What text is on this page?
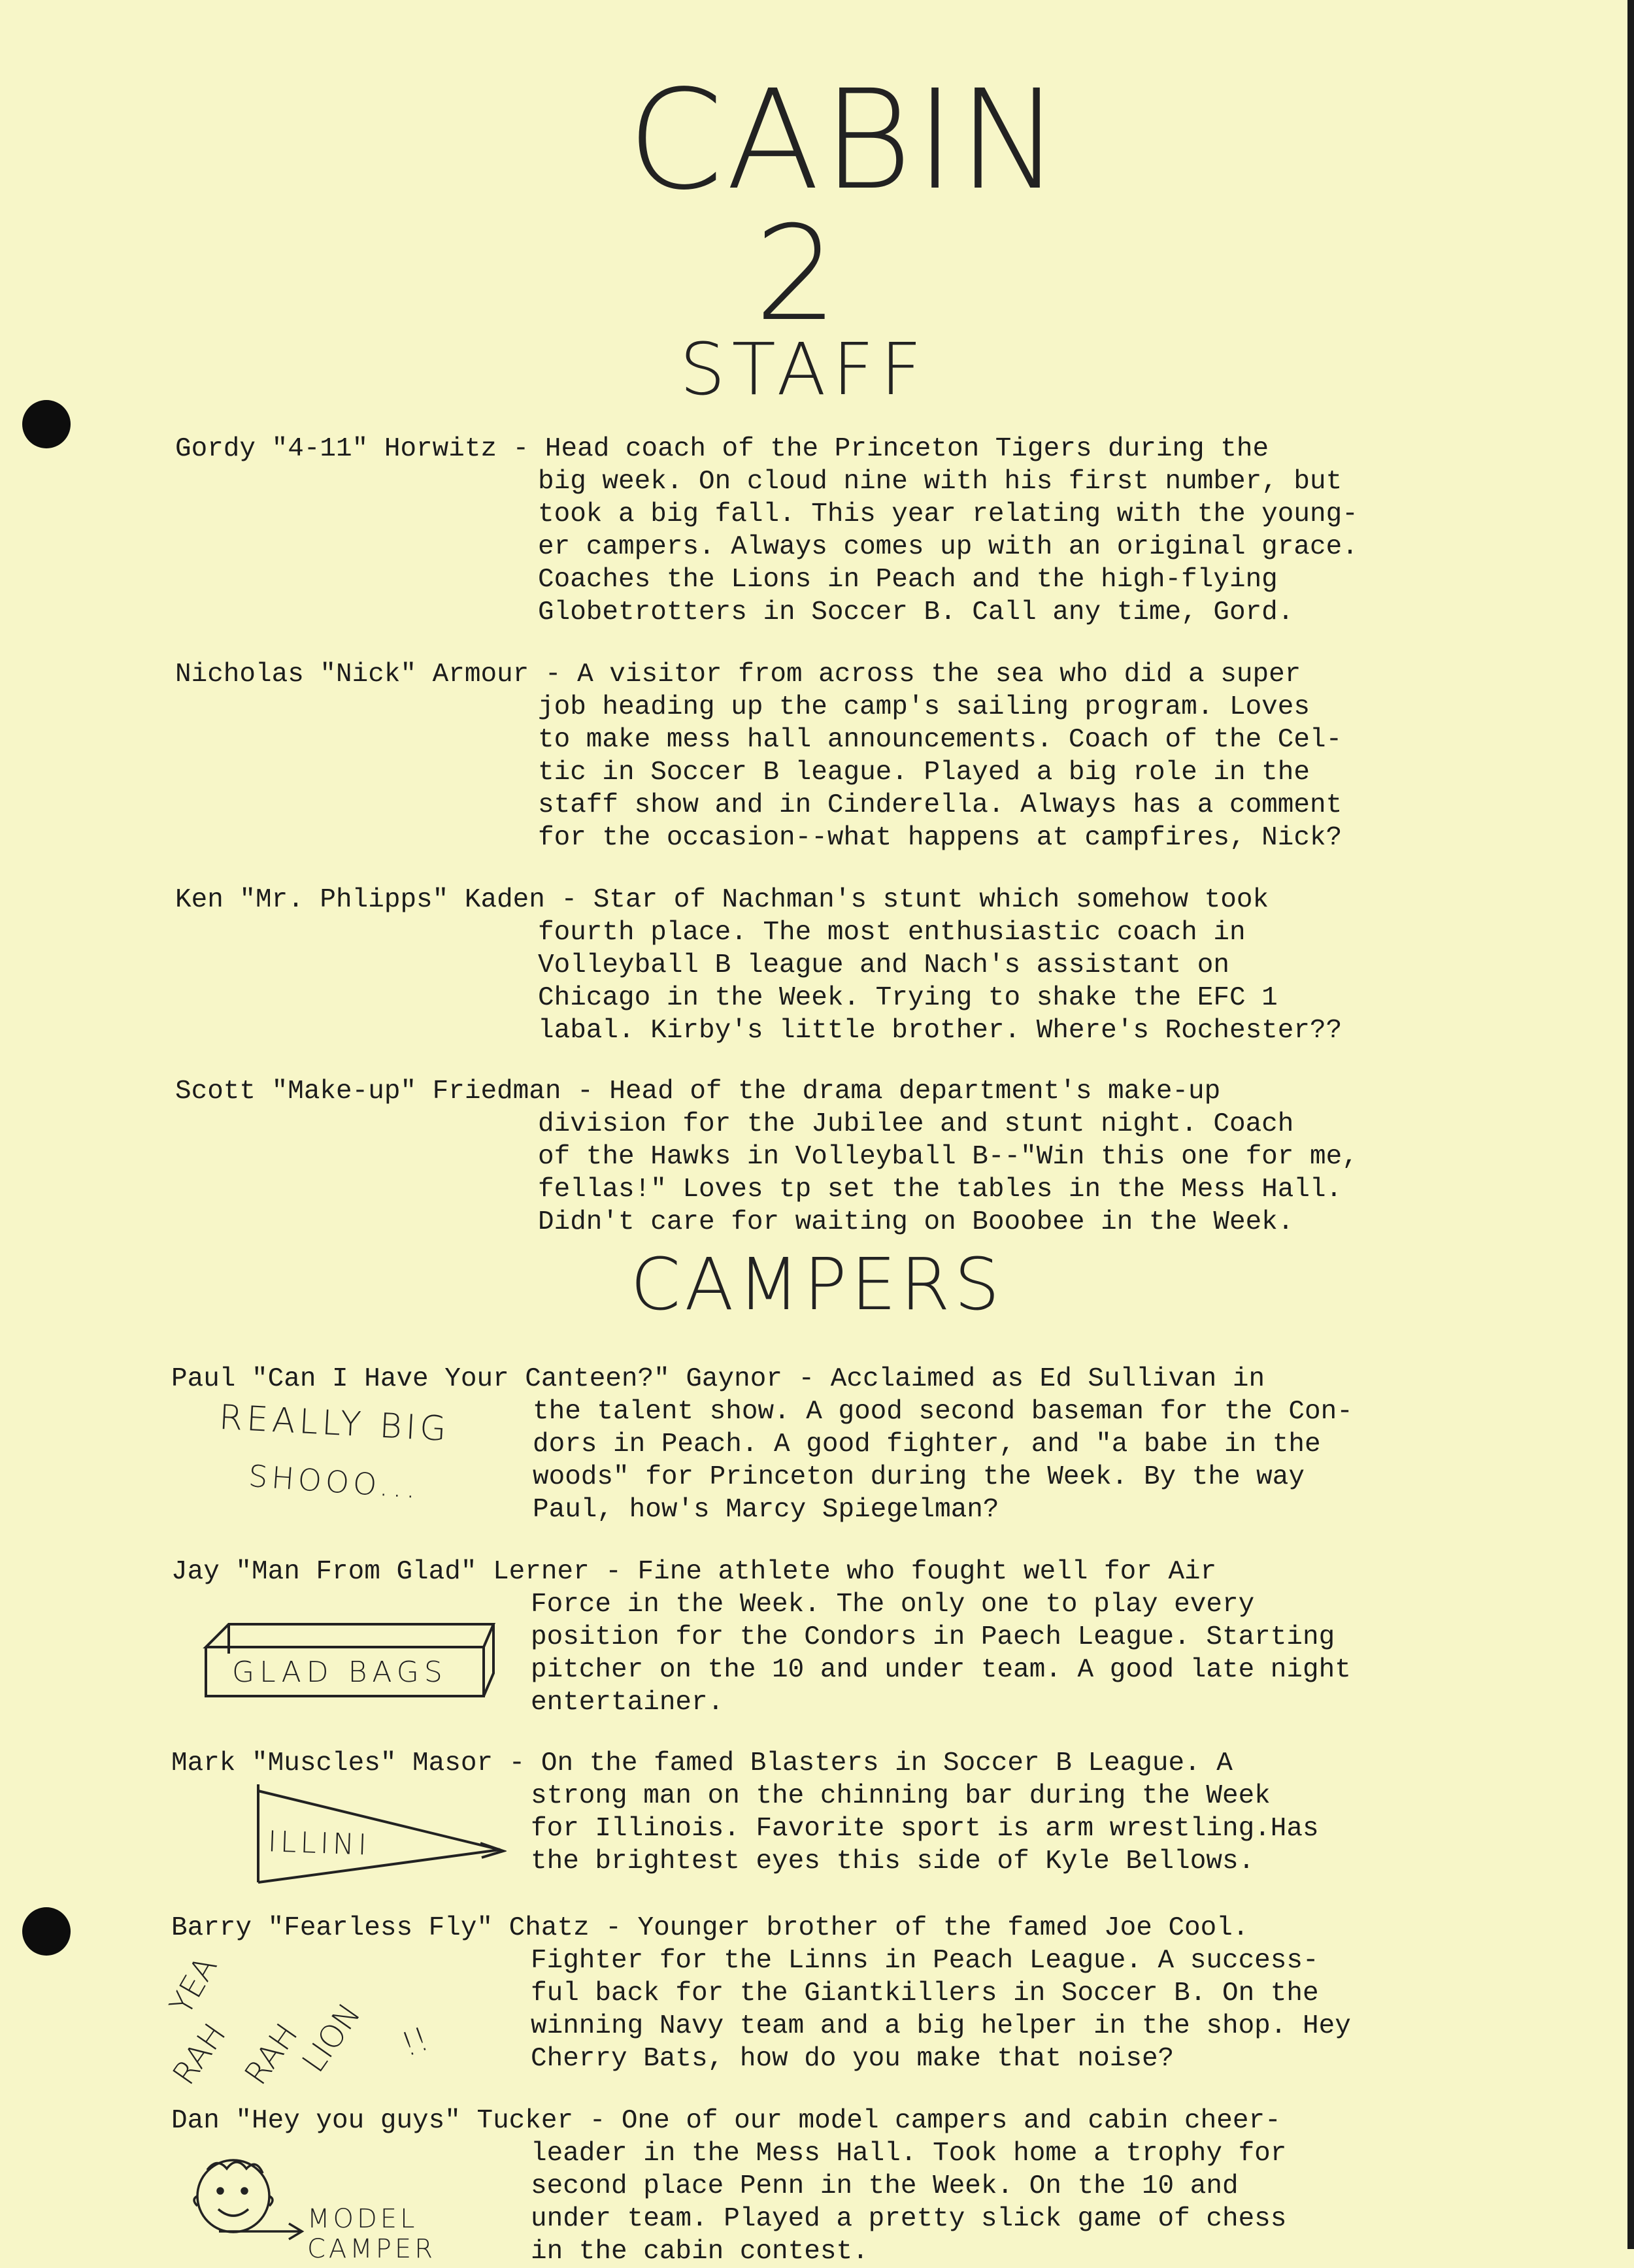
CABIN
2
STAFF
Gordy "4-11" Horwitz - Head coach of the Princeton Tigers during the
big week. On cloud nine with his first number, but
took a big fall. This year relating with the young-
er campers. Always comes up with an original grace.
Coaches the Lions in Peach and the high-flying
Globetrotters in Soccer B. Call any time, Gord.
Nicholas "Nick" Armour - A visitor from across the sea who did a super
job heading up the camp's sailing program. Loves
to make mess hall announcements. Coach of the Cel-
tic in Soccer B league. Played a big role in the
staff show and in Cinderella. Always has a comment
for the occasion--what happens at campfires, Nick?
Ken "Mr. Phlipps" Kaden - Star of Nachman's stunt which somehow took
fourth place. The most enthusiastic coach in
Volleyball B league and Nach's assistant on
Chicago in the Week. Trying to shake the EFC 1
labal. Kirby's little brother. Where's Rochester??
Scott "Make-up" Friedman - Head of the drama department's make-up
division for the Jubilee and stunt night. Coach
of the Hawks in Volleyball B--"Win this one for me,
fellas!" Loves tp set the tables in the Mess Hall.
Didn't care for waiting on Booobee in the Week.
CAMPERS
Paul "Can I Have Your Canteen?" Gaynor - Acclaimed as Ed Sullivan in
the talent show. A good second baseman for the Con-
dors in Peach. A good fighter, and "a babe in the
woods" for Princeton during the Week. By the way
Paul, how's Marcy Spiegelman?
REALLY BIG
SHOOO...
Jay "Man From Glad" Lerner - Fine athlete who fought well for Air
Force in the Week. The only one to play every
position for the Condors in Paech League. Starting
pitcher on the 10 and under team. A good late night
entertainer.
GLAD BAGS
Mark "Muscles" Masor - On the famed Blasters in Soccer B League. A
strong man on the chinning bar during the Week
for Illinois. Favorite sport is arm wrestling.Has
the brightest eyes this side of Kyle Bellows.
ILLINI
Barry "Fearless Fly" Chatz - Younger brother of the famed Joe Cool.
Fighter for the Linns in Peach League. A success-
ful back for the Giantkillers in Soccer B. On the
winning Navy team and a big helper in the shop. Hey
Cherry Bats, how do you make that noise?
YEA
RAH RAH
LION !!
Dan "Hey you guys" Tucker - One of our model campers and cabin cheer-
leader in the Mess Hall. Took home a trophy for
second place Penn in the Week. On the 10 and
under team. Played a pretty slick game of chess
in the cabin contest.
MODEL
CAMPER
